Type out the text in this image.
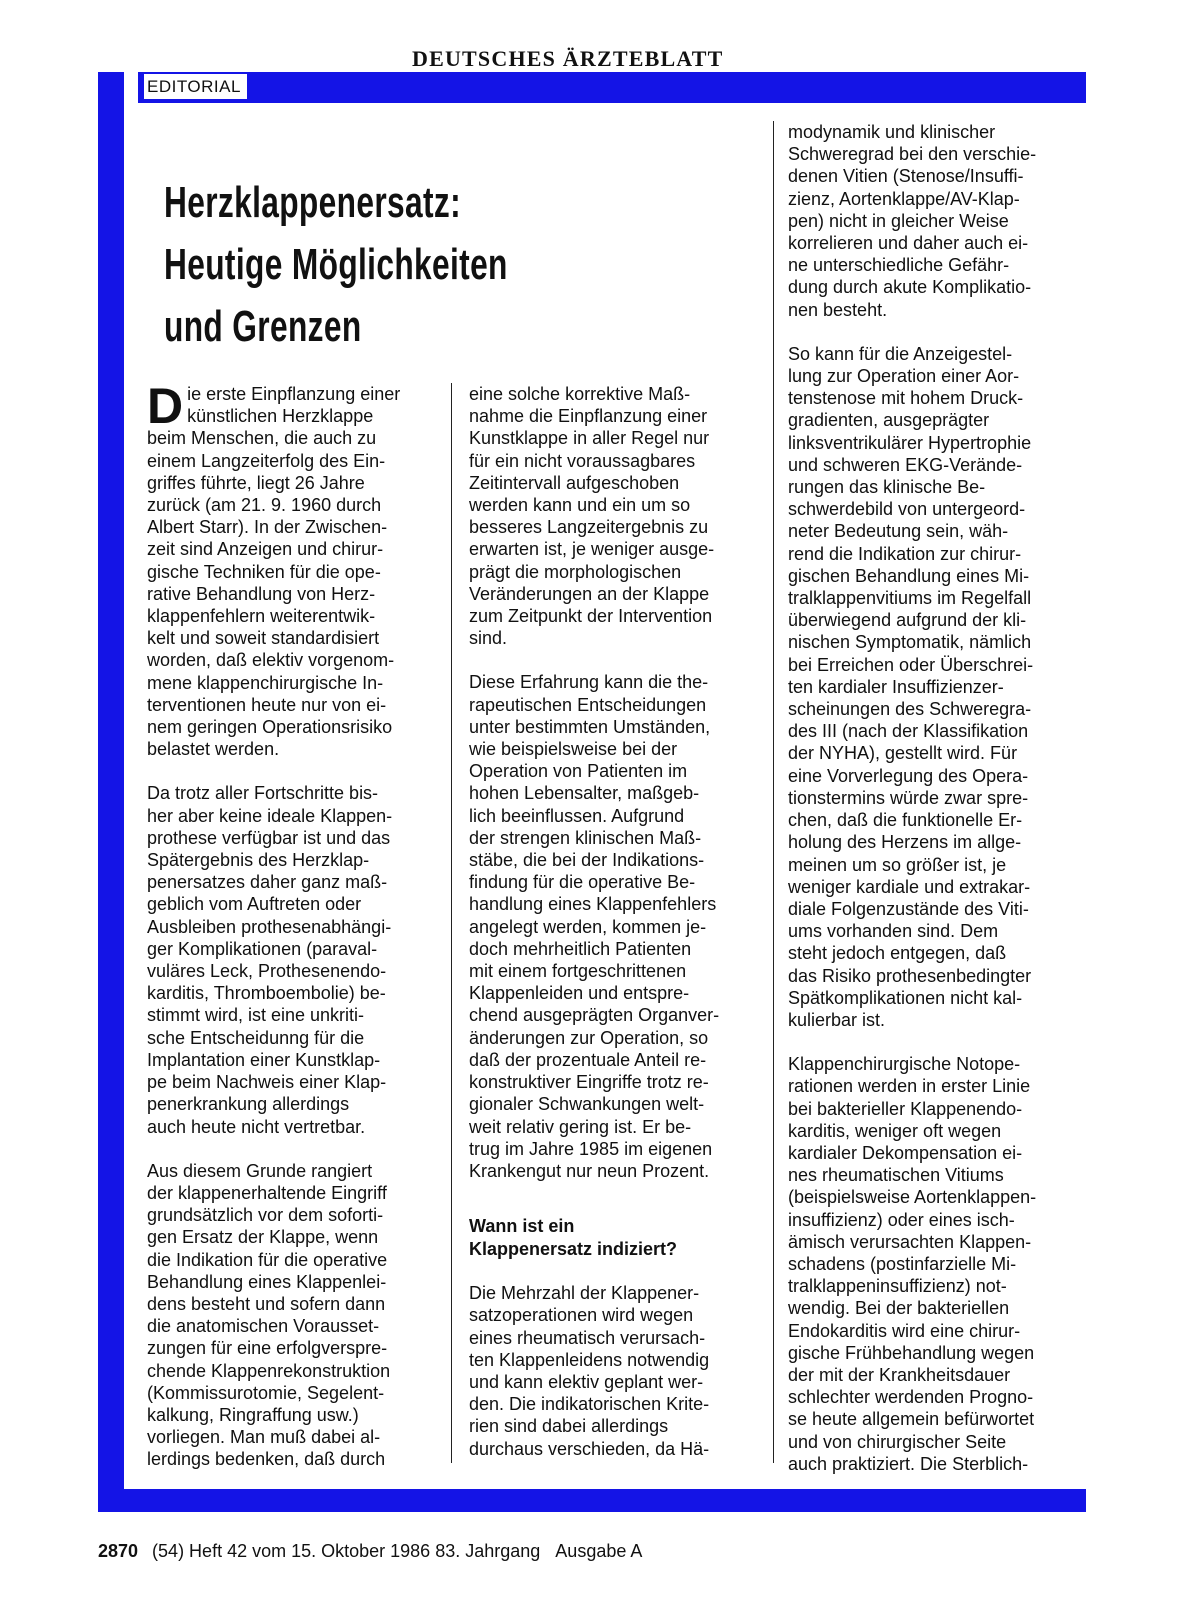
DEUTSCHES ÄRZTEBLATT
EDITORIAL
Herzklappenersatz:
Heutige Möglichkeiten
und Grenzen
D ie erste Einpflanzung einer
künstlichen Herzklappe
beim Menschen, die auch zu
einem Langzeiterfolg des Ein-
griffes führte, liegt 26 Jahre
zurück (am 21. 9. 1960 durch
Albert Starr). In der Zwischen-
zeit sind Anzeigen und chirur-
gische Techniken für die ope-
rative Behandlung von Herz-
klappenfehlern weiterentwik-
kelt und soweit standardisiert
worden, daß elektiv vorgenom-
mene klappenchirurgische In-
terventionen heute nur von ei-
nem geringen Operationsrisiko
belastet werden.

Da trotz aller Fortschritte bis-
her aber keine ideale Klappen-
prothese verfügbar ist und das
Spätergebnis des Herzklap-
penersatzes daher ganz maß-
geblich vom Auftreten oder
Ausbleiben prothesenabhängi-
ger Komplikationen (paraval-
vuläres Leck, Prothesenendo-
karditis, Thromboembolie) be-
stimmt wird, ist eine unkriti-
sche Entscheidunng für die
Implantation einer Kunstklap-
pe beim Nachweis einer Klap-
penerkrankung allerdings
auch heute nicht vertretbar.

Aus diesem Grunde rangiert
der klappenerhaltende Eingriff
grundsätzlich vor dem soforti-
gen Ersatz der Klappe, wenn
die Indikation für die operative
Behandlung eines Klappenlei-
dens besteht und sofern dann
die anatomischen Vorausset-
zungen für eine erfolgverspre-
chende Klappenrekonstruktion
(Kommissurotomie, Segelent-
kalkung, Ringraffung usw.)
vorliegen. Man muß dabei al-
lerdings bedenken, daß durch

eine solche korrektive Maß-
nahme die Einpflanzung einer
Kunstklappe in aller Regel nur
für ein nicht voraussagbares
Zeitintervall aufgeschoben
werden kann und ein um so
besseres Langzeitergebnis zu
erwarten ist, je weniger ausge-
prägt die morphologischen
Veränderungen an der Klappe
zum Zeitpunkt der Intervention
sind.

Diese Erfahrung kann die the-
rapeutischen Entscheidungen
unter bestimmten Umständen,
wie beispielsweise bei der
Operation von Patienten im
hohen Lebensalter, maßgeb-
lich beeinflussen. Aufgrund
der strengen klinischen Maß-
stäbe, die bei der Indikations-
findung für die operative Be-
handlung eines Klappenfehlers
angelegt werden, kommen je-
doch mehrheitlich Patienten
mit einem fortgeschrittenen
Klappenleiden und entspre-
chend ausgeprägten Organver-
änderungen zur Operation, so
daß der prozentuale Anteil re-
konstruktiver Eingriffe trotz re-
gionaler Schwankungen welt-
weit relativ gering ist. Er be-
trug im Jahre 1985 im eigenen
Krankengut nur neun Prozent.

Wann ist ein
Klappenersatz indiziert?

Die Mehrzahl der Klappener-
satzoperationen wird wegen
eines rheumatisch verursach-
ten Klappenleidens notwendig
und kann elektiv geplant wer-
den. Die indikatorischen Krite-
rien sind dabei allerdings
durchaus verschieden, da Hä-

modynamik und klinischer
Schweregrad bei den verschie-
denen Vitien (Stenose/Insuffi-
zienz, Aortenklappe/AV-Klap-
pen) nicht in gleicher Weise
korrelieren und daher auch ei-
ne unterschiedliche Gefähr-
dung durch akute Komplikatio-
nen besteht.

So kann für die Anzeigestel-
lung zur Operation einer Aor-
tenstenose mit hohem Druck-
gradienten, ausgeprägter
linksventrikulärer Hypertrophie
und schweren EKG-Verände-
rungen das klinische Be-
schwerdebild von untergeord-
neter Bedeutung sein, wäh-
rend die Indikation zur chirur-
gischen Behandlung eines Mi-
tralklappenvitiums im Regelfall
überwiegend aufgrund der kli-
nischen Symptomatik, nämlich
bei Erreichen oder Überschrei-
ten kardialer Insuffizienzer-
scheinungen des Schweregra-
des III (nach der Klassifikation
der NYHA), gestellt wird. Für
eine Vorverlegung des Opera-
tionstermins würde zwar spre-
chen, daß die funktionelle Er-
holung des Herzens im allge-
meinen um so größer ist, je
weniger kardiale und extrakar-
diale Folgenzustände des Viti-
ums vorhanden sind. Dem
steht jedoch entgegen, daß
das Risiko prothesenbedingter
Spätkomplikationen nicht kal-
kulierbar ist.

Klappenchirurgische Notope-
rationen werden in erster Linie
bei bakterieller Klappenendo-
karditis, weniger oft wegen
kardialer Dekompensation ei-
nes rheumatischen Vitiums
(beispielsweise Aortenklappen-
insuffizienz) oder eines isch-
ämisch verursachten Klappen-
schadens (postinfarzielle Mi-
tralklappeninsuffizienz) not-
wendig. Bei der bakteriellen
Endokarditis wird eine chirur-
gische Frühbehandlung wegen
der mit der Krankheitsdauer
schlechter werdenden Progno-
se heute allgemein befürwortet
und von chirurgischer Seite
auch praktiziert. Die Sterblich-

2870 (54) Heft 42 vom 15. Oktober 1986 83. Jahrgang Ausgabe A
